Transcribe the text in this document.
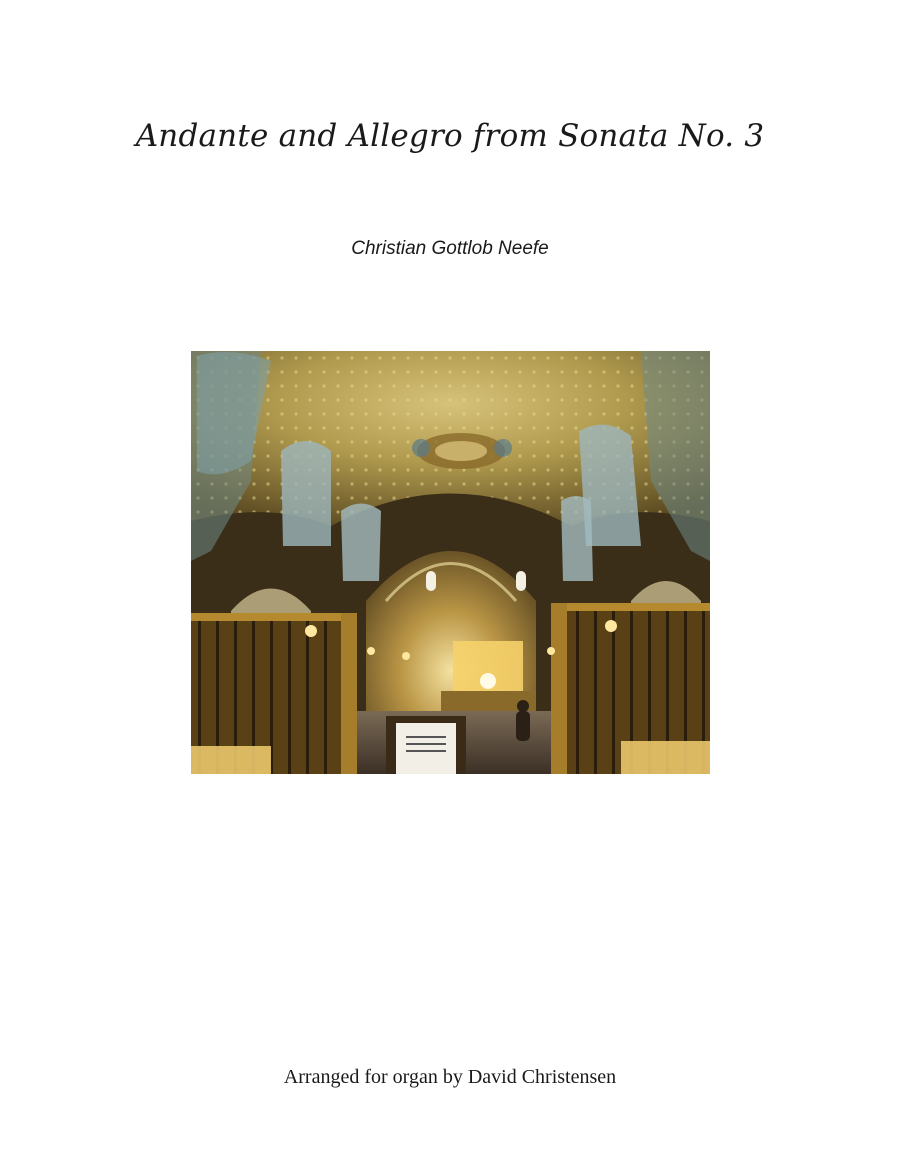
Andante and Allegro from Sonata No. 3
Christian Gottlob Neefe
Arranged for organ by David Christensen
